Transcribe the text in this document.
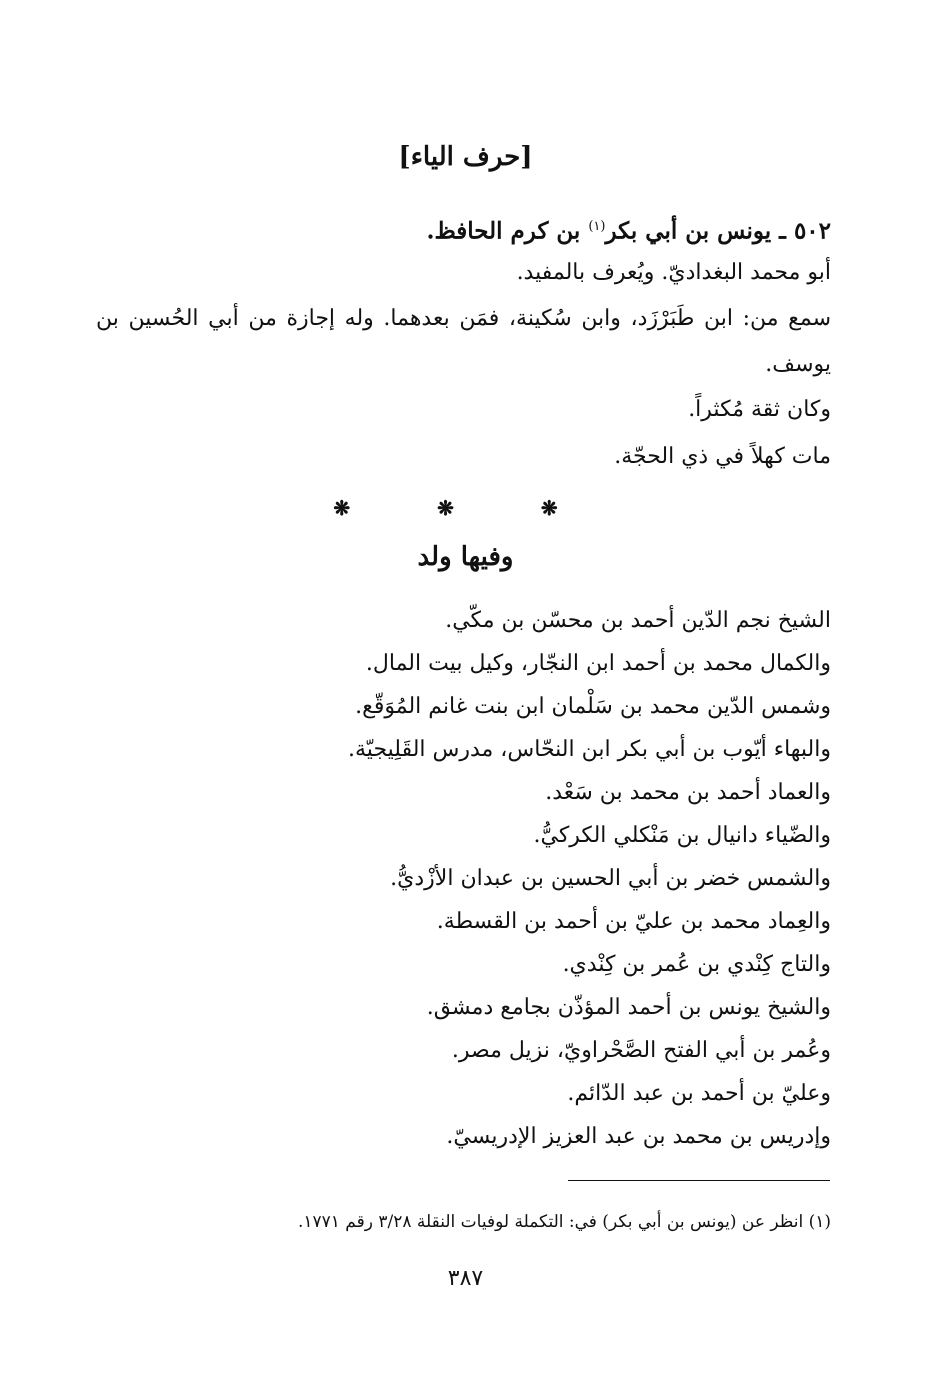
[حرف الياء]
٥٠٢ ـ يونس بن أبي بكر$^{(١)}$ بن كرم الحافظ.
أبو محمد البغداديّ. ويُعرف بالمفيد.
سمع من: ابن طَبَرْزَد، وابن سُكينة، فمَن بعدهما. وله إجازة من أبي الحُسين بن يوسف.
وكان ثقة مُكثراً.
مات كهلاً في ذي الحجّة.
❋ ❋ ❋
وفيها ولد
الشيخ نجم الدّين أحمد بن محسّن بن مكّي.
والكمال محمد بن أحمد ابن النجّار، وكيل بيت المال.
وشمس الدّين محمد بن سَلْمان ابن بنت غانم المُوَقّع.
والبهاء أيّوب بن أبي بكر ابن النحّاس، مدرس القَلِيجيّة.
والعماد أحمد بن محمد بن سَعْد.
والضّياء دانيال بن مَنْكلي الكركيُّ.
والشمس خضر بن أبي الحسين بن عبدان الأزْديُّ.
والعِماد محمد بن عليّ بن أحمد بن القسطة.
والتاج كِنْدي بن عُمر بن كِنْدي.
والشيخ يونس بن أحمد المؤذّن بجامع دمشق.
وعُمر بن أبي الفتح الصَّحْراويّ، نزيل مصر.
وعليّ بن أحمد بن عبد الدّائم.
وإدريس بن محمد بن عبد العزيز الإدريسيّ.
(١) انظر عن (يونس بن أبي بكر) في: التكملة لوفيات النقلة ٣/٢٨ رقم ١٧٧١.
٣٨٧
